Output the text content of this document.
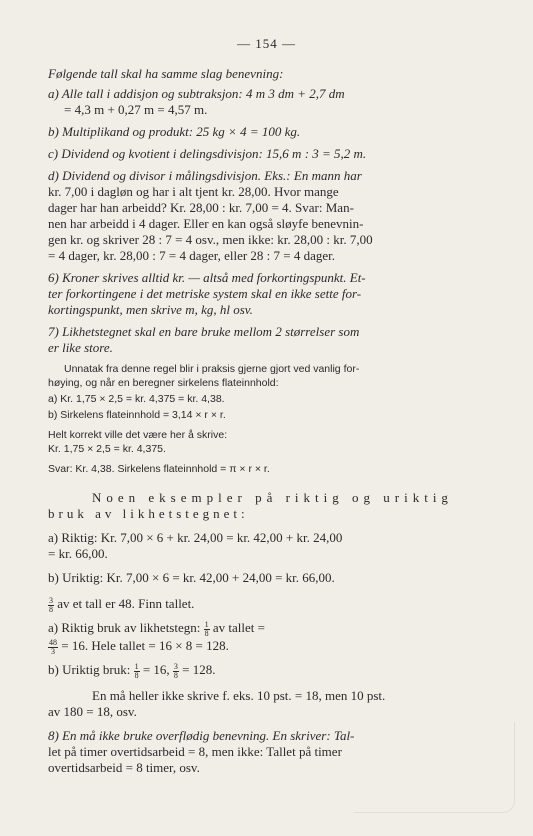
— 154 —
Følgende tall skal ha samme slag benevning:
a) Alle tall i addisjon og subtraksjon: 4 m 3 dm + 2,7 dm
= 4,3 m + 0,27 m = 4,57 m.
b) Multiplikand og produkt: 25 kg × 4 = 100 kg.
c) Dividend og kvotient i delingsdivisjon: 15,6 m : 3 = 5,2 m.
d) Dividend og divisor i målingsdivisjon. Eks.: En mann har
kr. 7,00 i dagløn og har i alt tjent kr. 28,00. Hvor mange
dager har han arbeidd? Kr. 28,00 : kr. 7,00 = 4. Svar: Man-
nen har arbeidd i 4 dager. Eller en kan også sløyfe benevnin-
gen kr. og skriver 28 : 7 = 4 osv., men ikke: kr. 28,00 : kr. 7,00
= 4 dager, kr. 28,00 : 7 = 4 dager, eller 28 : 7 = 4 dager.
6) Kroner skrives alltid kr. — altså med forkortingspunkt. Et-
ter forkortingene i det metriske system skal en ikke sette for-
kortingspunkt, men skrive m, kg, hl osv.
7) Likhetstegnet skal en bare bruke mellom 2 størrelser som
er like store.
Unnatak fra denne regel blir i praksis gjerne gjort ved vanlig for-
høying, og når en beregner sirkelens flateinnhold:
a) Kr. 1,75 × 2,5 = kr. 4,375 = kr. 4,38.
b) Sirkelens flateinnhold = 3,14 × r × r.
Helt korrekt ville det være her å skrive:
Kr. 1,75 × 2,5 = kr. 4,375.
Svar: Kr. 4,38. Sirkelens flateinnhold = π × r × r.
Noen eksempler på riktig og uriktig
bruk av likhetstegnet:
a) Riktig: Kr. 7,00 × 6 + kr. 24,00 = kr. 42,00 + kr. 24,00
= kr. 66,00.
b) Uriktig: Kr. 7,00 × 6 = kr. 42,00 + 24,00 = kr. 66,00.
$\frac{3}{8}$ av et tall er 48. Finn tallet.
a) Riktig bruk av likhetstegn: $\frac{1}{8}$ av tallet =
$\frac{48}{3} = 16$. Hele tallet = 16 × 8 = 128.
b) Uriktig bruk: $\frac{1}{8} = 16$, $\frac{3}{8} = 128$.
En må heller ikke skrive f. eks. 10 pst. = 18, men 10 pst.
av 180 = 18, osv.
8) En må ikke bruke overflødig benevning. En skriver: Tal-
let på timer overtidsarbeid = 8, men ikke: Tallet på timer
overtidsarbeid = 8 timer, osv.
